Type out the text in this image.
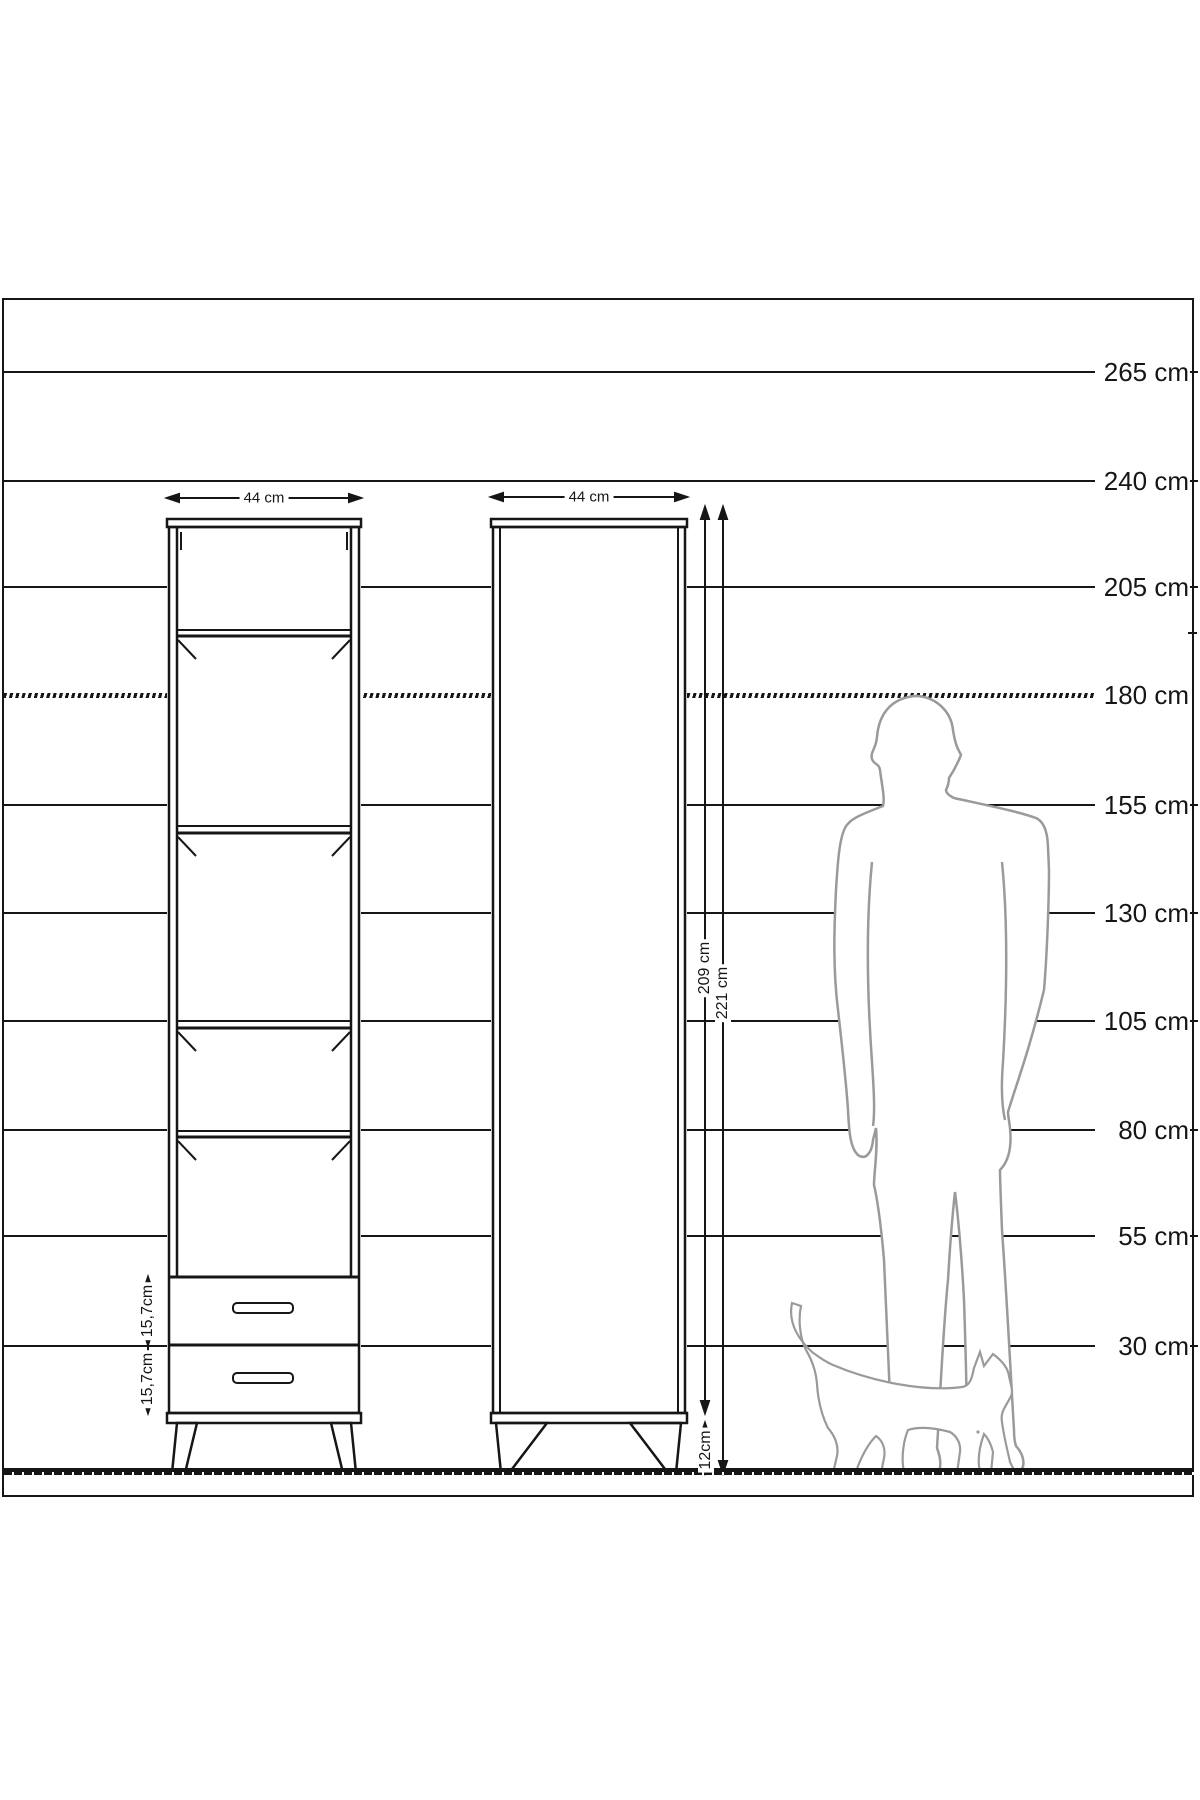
265 cm
240 cm
205 cm
180 cm
155 cm
130 cm
105 cm
80 cm
55 cm
30 cm
44 cm	44 cm
209 cm 221 cm
12cm
15,7cm
15,7cm
